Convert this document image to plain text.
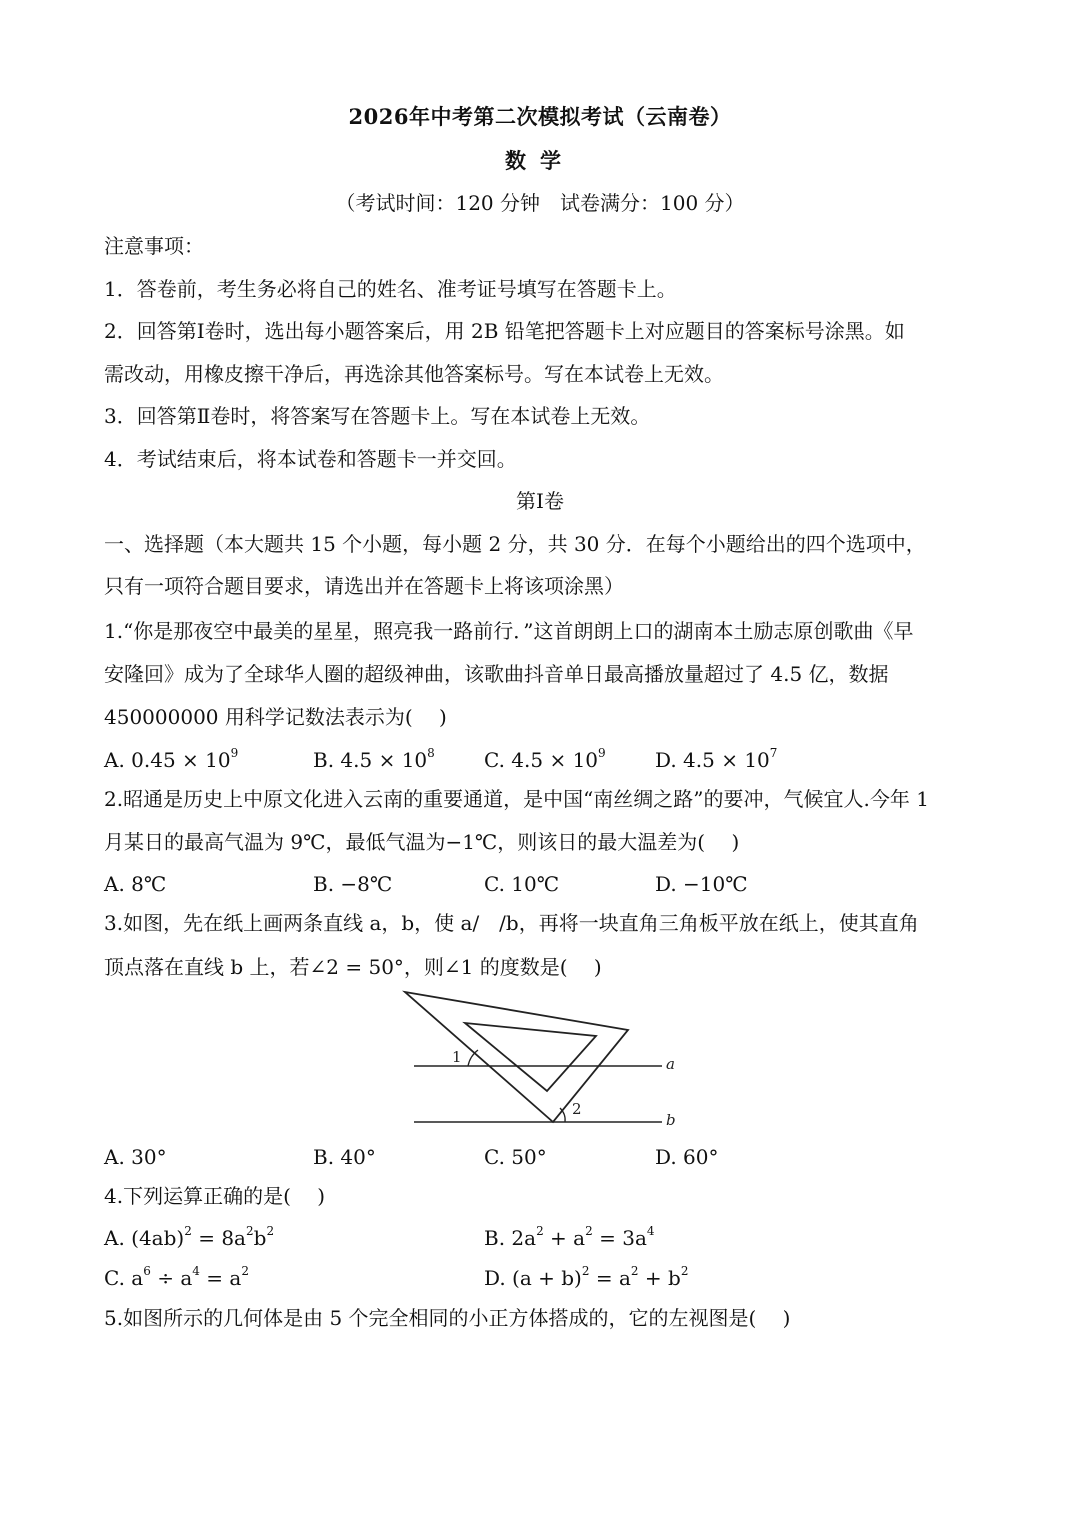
2026年中考第二次模拟考试（云南卷）
数学
（考试时间：120 分钟　试卷满分：100 分）
注意事项：
1．答卷前，考生务必将自己的姓名、准考证号填写在答题卡上。
2．回答第Ⅰ卷时，选出每小题答案后，用 2B 铅笔把答题卡上对应题目的答案标号涂黑。如
需改动，用橡皮擦干净后，再选涂其他答案标号。写在本试卷上无效。
3．回答第Ⅱ卷时，将答案写在答题卡上。写在本试卷上无效。
4．考试结束后，将本试卷和答题卡一并交回。
第Ⅰ卷
一、选择题（本大题共 15 个小题，每小题 2 分，共 30 分．在每个小题给出的四个选项中，
只有一项符合题目要求，请选出并在答题卡上将该项涂黑）
1.“你是那夜空中最美的星星，照亮我一路前行．”这首朗朗上口的湖南本土励志原创歌曲《早
安隆回》成为了全球华人圈的超级神曲，该歌曲抖音单日最高播放量超过了 4.5 亿，数据
450000000 用科学记数法表示为(　 )
A. $0.45 \times 10^9$	B. $4.5 \times 10^8$ C. $4.5 \times 10^9$ D. $4.5 \times 10^7$
2.昭通是历史上中原文化进入云南的重要通道，是中国“南丝绸之路”的要冲，气候宜人.今年 1
月某日的最高气温为 9℃，最低气温为−1℃，则该日的最大温差为(　 )
A. 8℃	B. −8℃	C. 10℃	D. −10℃
3.如图，先在纸上画两条直线 a，b，使 a/　/b，再将一块直角三角板平放在纸上，使其直角
顶点落在直线 b 上，若∠2 = 50°，则∠1 的度数是(　 )
1
2
a
b
A. 30°	B. 40°	C. 50°	D. 60°
4.下列运算正确的是(　 )
A. $(4ab)^2 = 8a^2b^2$	B. $2a^2 + a^2 = 3a^4$
C. $a^6 \div a^4 = a^2$	D. $(a + b)^2 = a^2 + b^2$
5.如图所示的几何体是由 5 个完全相同的小正方体搭成的，它的左视图是(　 )
